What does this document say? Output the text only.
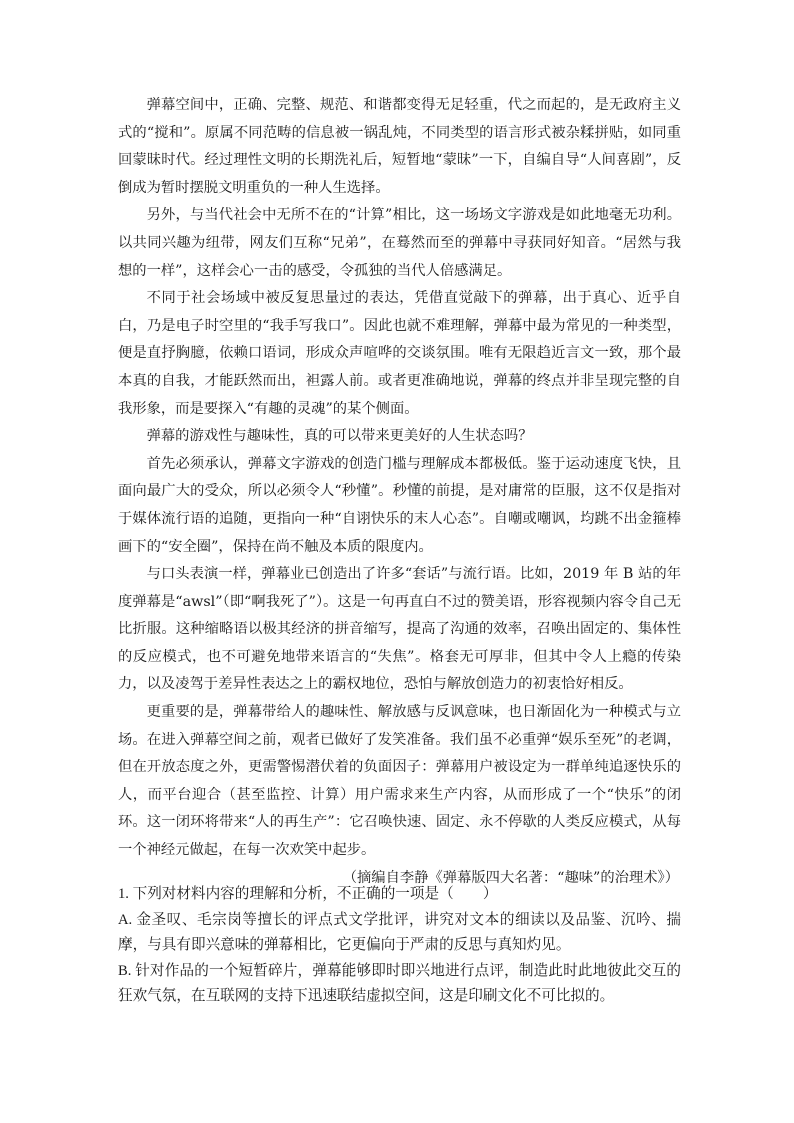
弹幕空间中，正确、完整、规范、和谐都变得无足轻重，代之而起的，是无政府主义式的“搅和”。原属不同范畴的信息被一锅乱炖，不同类型的语言形式被杂糅拼贴，如同重回蒙昧时代。经过理性文明的长期洗礼后，短暂地“蒙昧”一下，自编自导“人间喜剧”，反倒成为暂时摆脱文明重负的一种人生选择。

另外，与当代社会中无所不在的“计算”相比，这一场场文字游戏是如此地毫无功利。以共同兴趣为纽带，网友们互称“兄弟”，在蓦然而至的弹幕中寻获同好知音。“居然与我想的一样”，这样会心一击的感受，令孤独的当代人倍感满足。

不同于社会场域中被反复思量过的表达，凭借直觉敲下的弹幕，出于真心、近乎自白，乃是电子时空里的“我手写我口”。因此也就不难理解，弹幕中最为常见的一种类型，便是直抒胸臆，依赖口语词，形成众声喧哗的交谈氛围。唯有无限趋近言文一致，那个最本真的自我，才能跃然而出，袒露人前。或者更准确地说，弹幕的终点并非呈现完整的自我形象，而是要探入“有趣的灵魂”的某个侧面。

弹幕的游戏性与趣味性，真的可以带来更美好的人生状态吗？

首先必须承认，弹幕文字游戏的创造门槛与理解成本都极低。鉴于运动速度飞快，且面向最广大的受众，所以必须令人“秒懂”。秒懂的前提，是对庸常的臣服，这不仅是指对于媒体流行语的追随，更指向一种“自诩快乐的末人心态”。自嘲或嘲讽，均跳不出金箍棒画下的“安全圈”，保持在尚不触及本质的限度内。

与口头表演一样，弹幕业已创造出了许多“套话”与流行语。比如，2019 年 B 站的年度弹幕是“awsl”（即“啊我死了”）。这是一句再直白不过的赞美语，形容视频内容令自己无比折服。这种缩略语以极其经济的拼音缩写，提高了沟通的效率，召唤出固定的、集体性的反应模式，也不可避免地带来语言的“失焦”。格套无可厚非，但其中令人上瘾的传染力，以及凌驾于差异性表达之上的霸权地位，恐怕与解放创造力的初衷恰好相反。

更重要的是，弹幕带给人的趣味性、解放感与反讽意味，也日渐固化为一种模式与立场。在进入弹幕空间之前，观者已做好了发笑准备。我们虽不必重弹“娱乐至死”的老调，但在开放态度之外，更需警惕潜伏着的负面因子：弹幕用户被设定为一群单纯追逐快乐的人，而平台迎合（甚至监控、计算）用户需求来生产内容，从而形成了一个“快乐”的闭环。这一闭环将带来“人的再生产”：它召唤快速、固定、永不停歇的人类反应模式，从每一个神经元做起，在每一次欢笑中起步。

（摘编自李静《弹幕版四大名著：“趣味”的治理术》）

1. 下列对材料内容的理解和分析，不正确的一项是（　　）

A. 金圣叹、毛宗岗等擅长的评点式文学批评，讲究对文本的细读以及品鉴、沉吟、揣摩，与具有即兴意味的弹幕相比，它更偏向于严肃的反思与真知灼见。

B. 针对作品的一个短暂碎片，弹幕能够即时即兴地进行点评，制造此时此地彼此交互的狂欢气氛，在互联网的支持下迅速联结虚拟空间，这是印刷文化不可比拟的。
